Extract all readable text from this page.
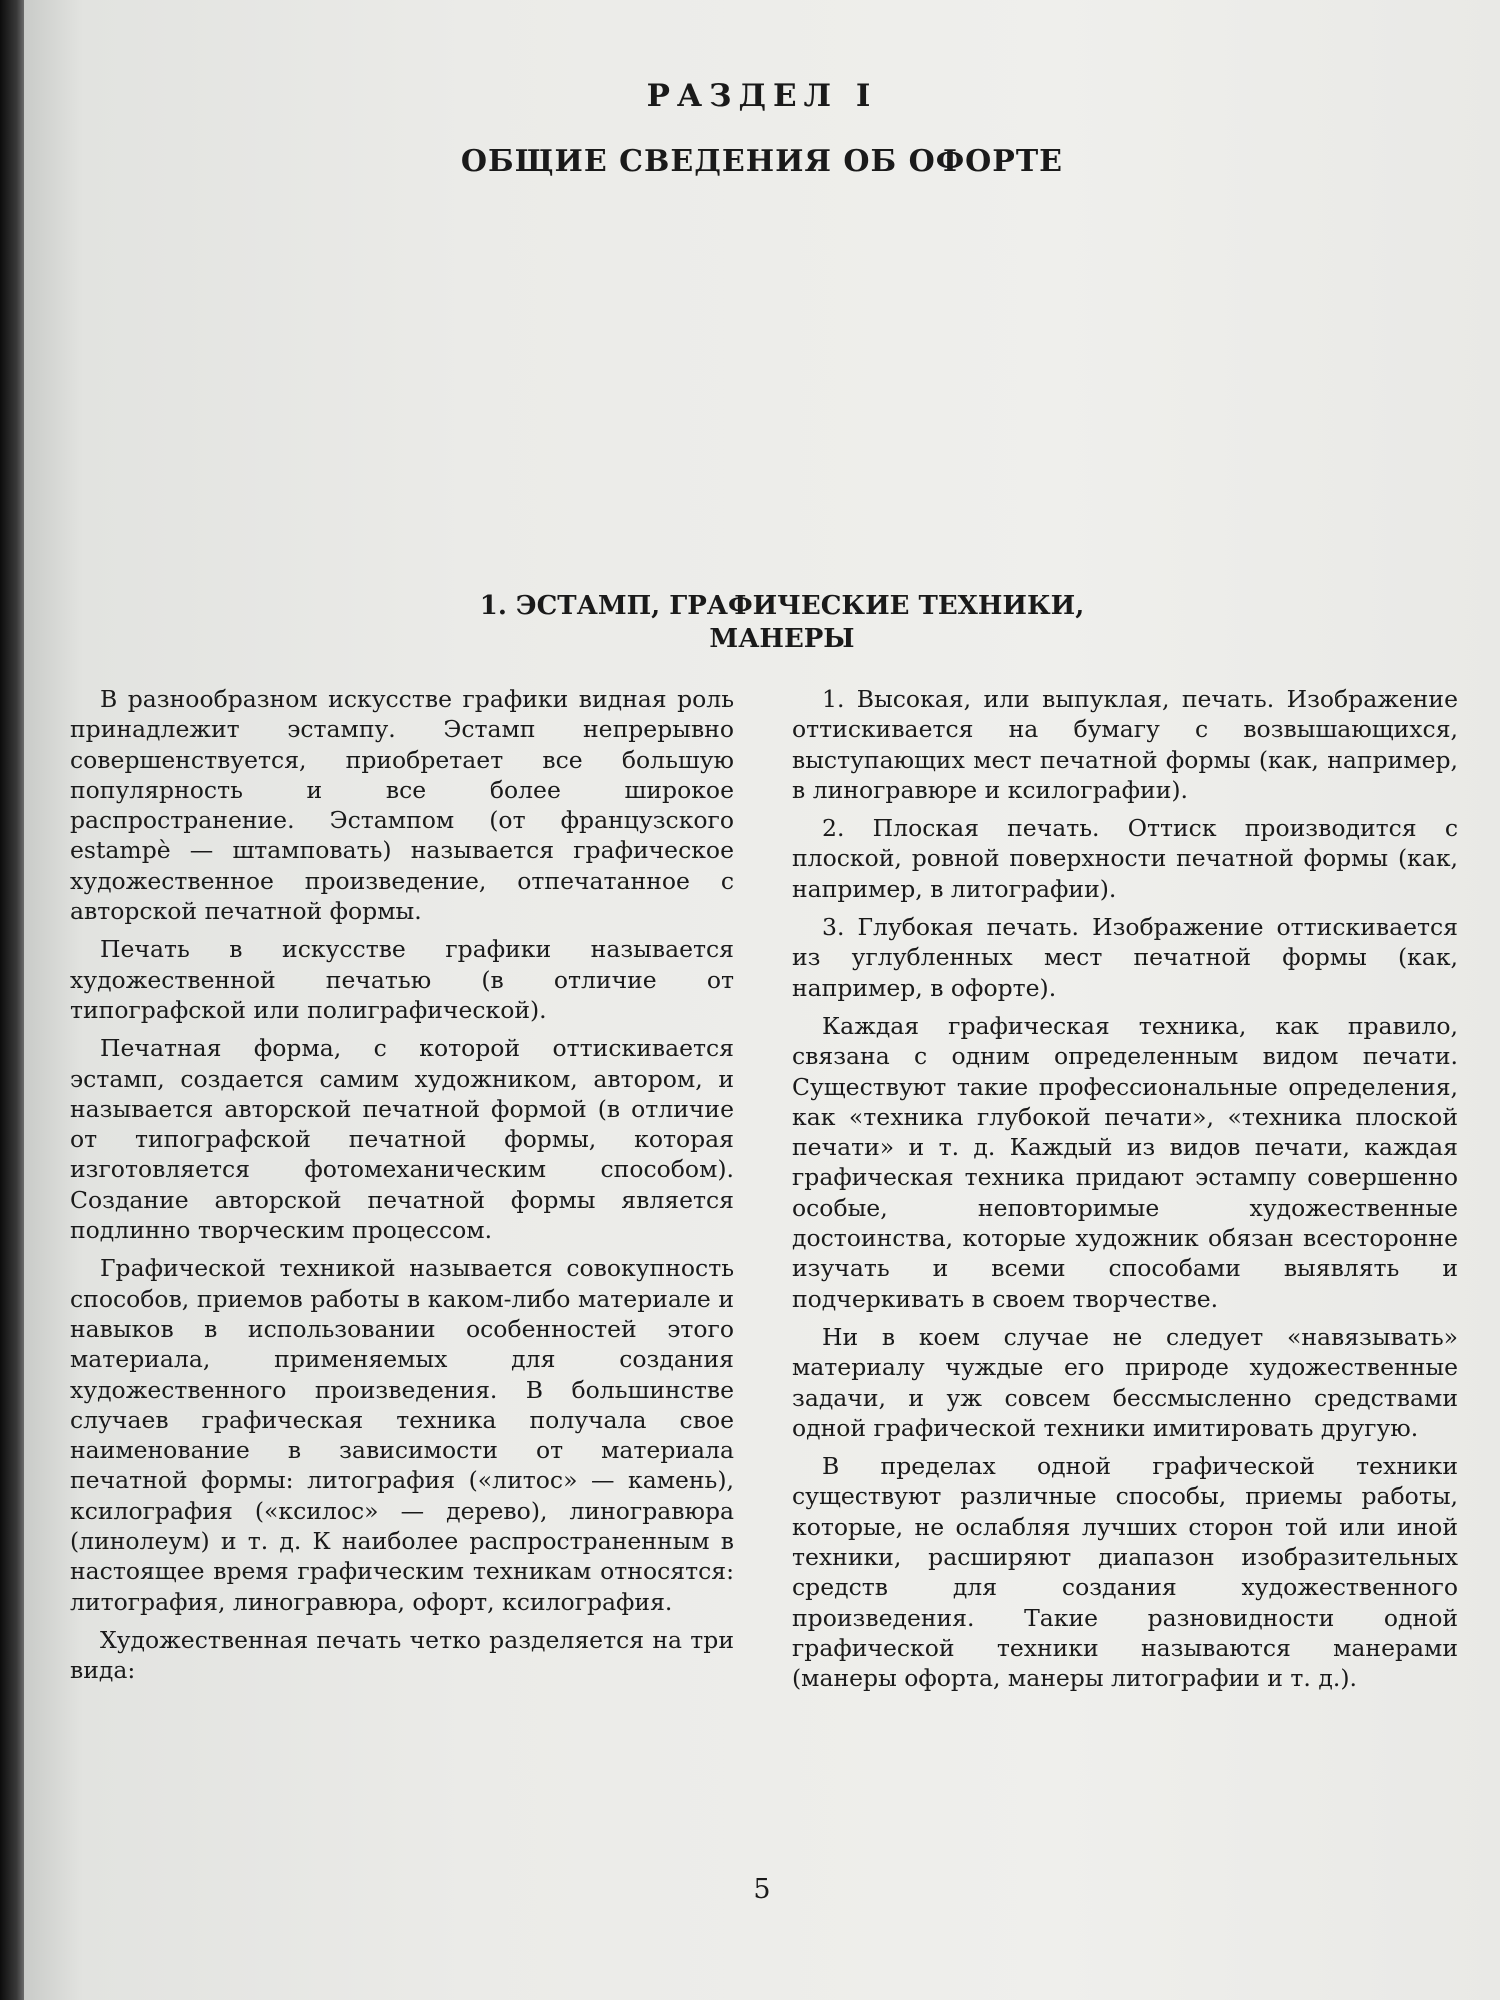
РАЗДЕЛ I
ОБЩИЕ СВЕДЕНИЯ ОБ ОФОРТЕ
1. ЭСТАМП, ГРАФИЧЕСКИЕ ТЕХНИКИ,
МАНЕРЫ

В разнообразном искусстве графики видная роль принадлежит эстампу. Эстамп непрерывно совершенствуется, приобретает все большую популярность и все более широкое распространение. Эстампом (от французского estampè — штамповать) называется графическое художественное произведение, отпечатанное с авторской печатной формы.

Печать в искусстве графики называется художественной печатью (в отличие от типографской или полиграфической).

Печатная форма, с которой оттискивается эстамп, создается самим художником, автором, и называется авторской печатной формой (в отличие от типографской печатной формы, которая изготовляется фотомеханическим способом). Создание авторской печатной формы является подлинно творческим процессом.

Графической техникой называется совокупность способов, приемов работы в каком-либо материале и навыков в использовании особенностей этого материала, применяемых для создания художественного произведения. В большинстве случаев графическая техника получала свое наименование в зависимости от материала печатной формы: литография («литос» — камень), ксилография («ксилос» — дерево), линогравюра (линолеум) и т. д. К наиболее распространенным в настоящее время графическим техникам относятся: литография, линогравюра, офорт, ксилография.

Художественная печать четко разделяется на три вида:

1. Высокая, или выпуклая, печать. Изображение оттискивается на бумагу с возвышающихся, выступающих мест печатной формы (как, например, в линогравюре и ксилографии).

2. Плоская печать. Оттиск производится с плоской, ровной поверхности печатной формы (как, например, в литографии).

3. Глубокая печать. Изображение оттискивается из углубленных мест печатной формы (как, например, в офорте).

Каждая графическая техника, как правило, связана с одним определенным видом печати. Существуют такие профессиональные определения, как «техника глубокой печати», «техника плоской печати» и т. д. Каждый из видов печати, каждая графическая техника придают эстампу совершенно особые, неповторимые художественные достоинства, которые художник обязан всесторонне изучать и всеми способами выявлять и подчеркивать в своем творчестве.

Ни в коем случае не следует «навязывать» материалу чуждые его природе художественные задачи, и уж совсем бессмысленно средствами одной графической техники имитировать другую.

В пределах одной графической техники существуют различные способы, приемы работы, которые, не ослабляя лучших сторон той или иной техники, расширяют диапазон изобразительных средств для создания художественного произведения. Такие разновидности одной графической техники называются манерами (манеры офорта, манеры литографии и т. д.).

5
